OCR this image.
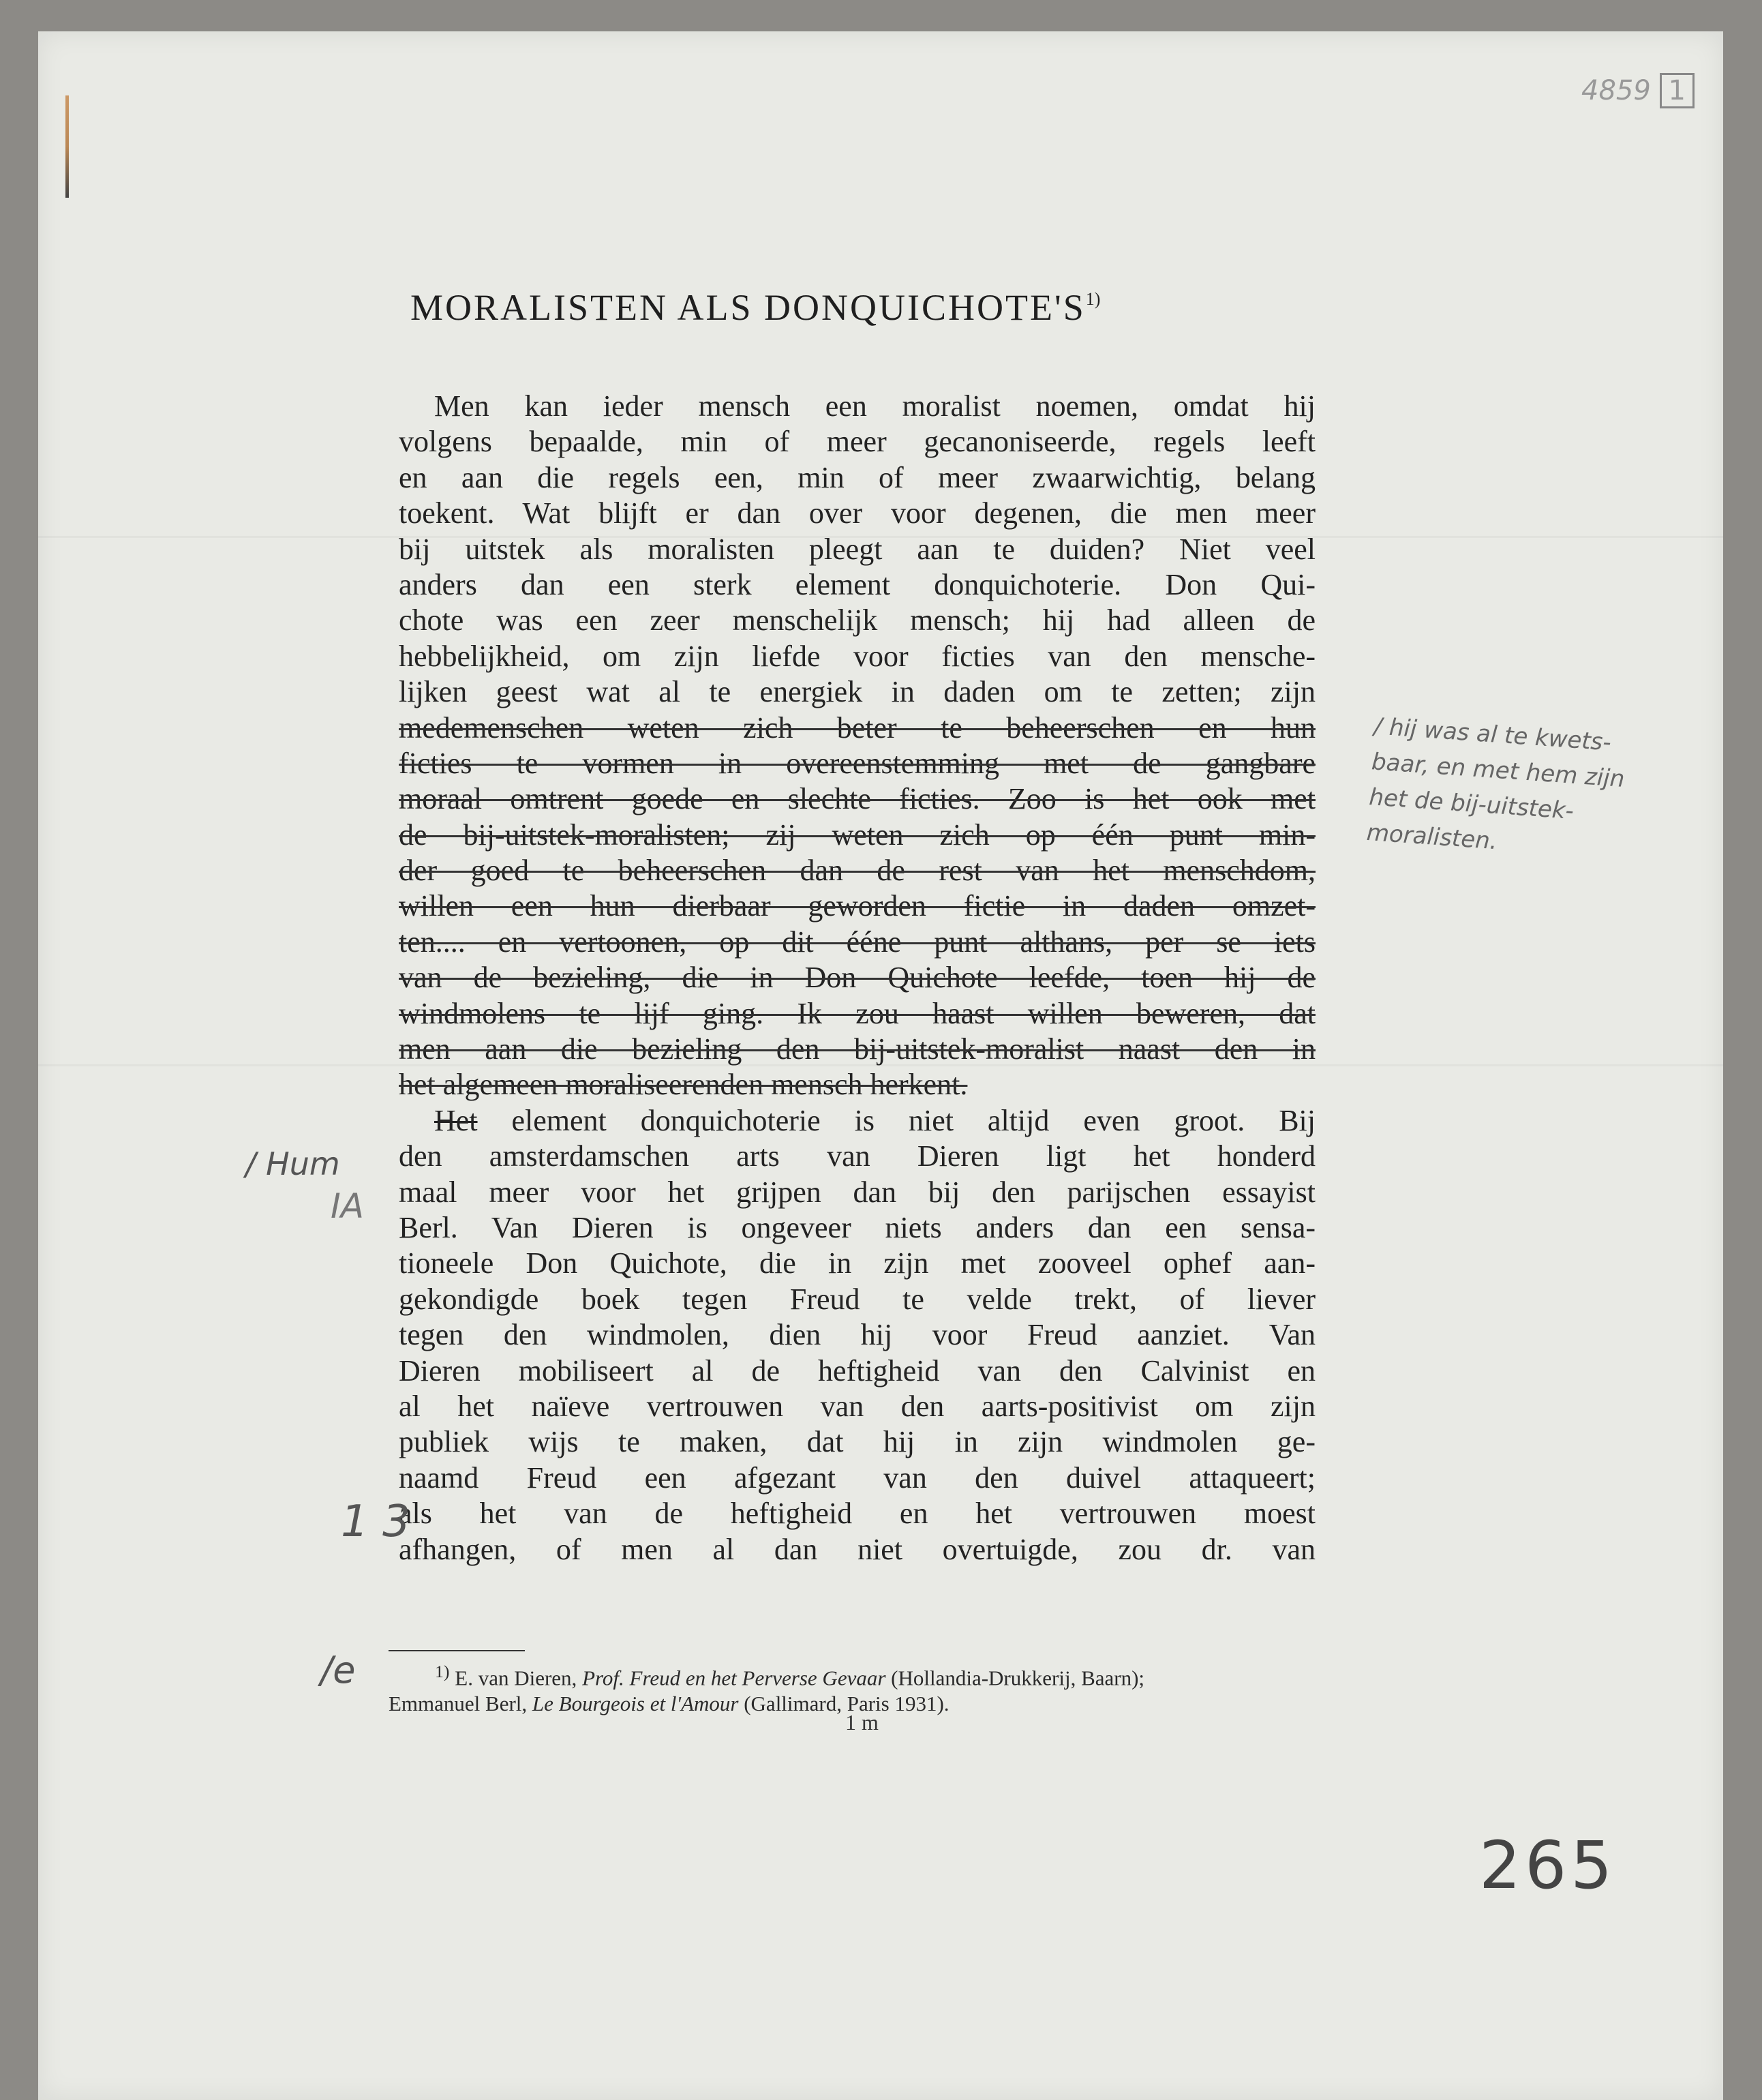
MORALISTEN ALS $DONQUICHOTE'S^{1)}$
Men kan ieder mensch een moralist noemen, omdat hij
volgens bepaalde, min of meer gecanoniseerde, regels leeft
en aan die regels een, min of meer zwaarwichtig, belang
toekent. Wat blijft er dan over voor degenen, die men meer
bij uitstek als moralisten pleegt aan te duiden? Niet veel
anders dan een sterk element donquichoterie. Don Qui-
chote was een zeer menschelijk mensch; hij had alleen de
hebbelijkheid, om zijn liefde voor ficties van den mensche-
lijken geest wat al te energiek in daden om te zetten; zijn
medemenschen weten zich beter te beheerschen en hun
ficties te vormen in overeenstemming met de gangbare
moraal omtrent goede en slechte ficties. Zoo is het ook met
de bij-uitstek-moralisten; zij weten zich op één punt min-
der goed te beheerschen dan de rest van het menschdom,
willen een hun dierbaar geworden fictie in daden omzet-
ten.... en vertoonen, op dit ééne punt althans, per se iets
van de bezieling, die in Don Quichote leefde, toen hij de
windmolens te lijf ging. Ik zou haast willen beweren, dat
men aan die bezieling den bij-uitstek-moralist naast den in
het algemeen moraliseerenden mensch herkent.
Het element donquichoterie is niet altijd even groot. Bij
den amsterdamschen arts van Dieren ligt het honderd
maal meer voor het grijpen dan bij den parijschen essayist
Berl. Van Dieren is ongeveer niets anders dan een sensa-
tioneele Don Quichote, die in zijn met zooveel ophef aan-
gekondigde boek tegen Freud te velde trekt, of liever
tegen den windmolen, dien hij voor Freud aanziet. Van
Dieren mobiliseert al de heftigheid van den Calvinist en
al het naïeve vertrouwen van den aarts-positivist om zijn
publiek wijs te maken, dat hij in zijn windmolen ge-
naamd Freud een afgezant van den duivel attaqueert;
als het van de heftigheid en het vertrouwen moest
afhangen, of men al dan niet overtuigde, zou dr. van
$^{1)}$ E. van Dieren, Prof. Freud en het Perverse Gevaar (Hollandia-Drukkerij, Baarn);
Emmanuel Berl, Le Bourgeois et l'Amour (Gallimard, Paris 1931).
1 m
/ hij was al te kwets-
baar, en met hem zijn
het de bij-uitstek-
moralisten.
/ Hum
IA
1 3
/e
265
4859 1
